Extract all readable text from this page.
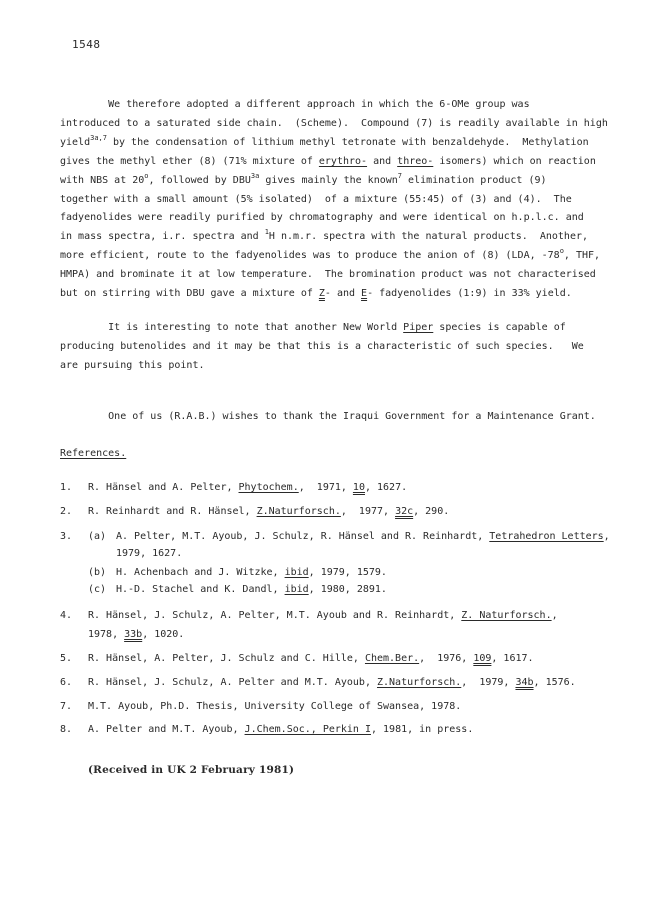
1548
We therefore adopted a different approach in which the 6-OMe group was
introduced to a saturated side chain.  (Scheme).  Compound (7) is readily available in high
yield$^{3a,7}$ by the condensation of lithium methyl tetronate with benzaldehyde.  Methylation
gives the methyl ether (8) (71% mixture of erythro- and threo- isomers) which on reaction
with NBS at 20$^o$, followed by $DBU^{3a}$ gives mainly the known$^7$ elimination product (9)
together with a small amount (5% isolated)  of a mixture (55:45) of (3) and (4).  The
fadyenolides were readily purified by chromatography and were identical on h.p.l.c. and
in mass spectra, i.r. spectra and $^1$H n.m.r. spectra with the natural products.  Another,
more efficient, route to the fadyenolides was to produce the anion of (8) (LDA, -78$^o$, THF,
HMPA) and brominate it at low temperature.  The bromination product was not characterised
but on stirring with DBU gave a mixture of Z- and E- fadyenolides (1:9) in 33% yield.
It is interesting to note that another New World Piper species is capable of
producing butenolides and it may be that this is a characteristic of such species.   We
are pursuing this point.
One of us (R.A.B.) wishes to thank the Iraqui Government for a Maintenance Grant.
References.
1. R. Hänsel and A. Pelter, Phytochem.,  1971, 10, 1627.
2. R. Reinhardt and R. Hänsel, Z.Naturforsch.,  1977, 32c, 290.
3. (a) A. Pelter, M.T. Ayoub, J. Schulz, R. Hänsel and R. Reinhardt, Tetrahedron Letters,
1979, 1627.
(b) H. Achenbach and J. Witzke, ibid, 1979, 1579.
(c) H.-D. Stachel and K. Dandl, ibid, 1980, 2891.
4. R. Hänsel, J. Schulz, A. Pelter, M.T. Ayoub and R. Reinhardt, Z. Naturforsch.,
1978, 33b, 1020.
5. R. Hänsel, A. Pelter, J. Schulz and C. Hille, Chem.Ber.,  1976, 109, 1617.
6. R. Hänsel, J. Schulz, A. Pelter and M.T. Ayoub, Z.Naturforsch.,  1979, 34b, 1576.
7. M.T. Ayoub, Ph.D. Thesis, University College of Swansea, 1978.
8. A. Pelter and M.T. Ayoub, J.Chem.Soc., Perkin I, 1981, in press.
(Received in UK 2 February 1981)
